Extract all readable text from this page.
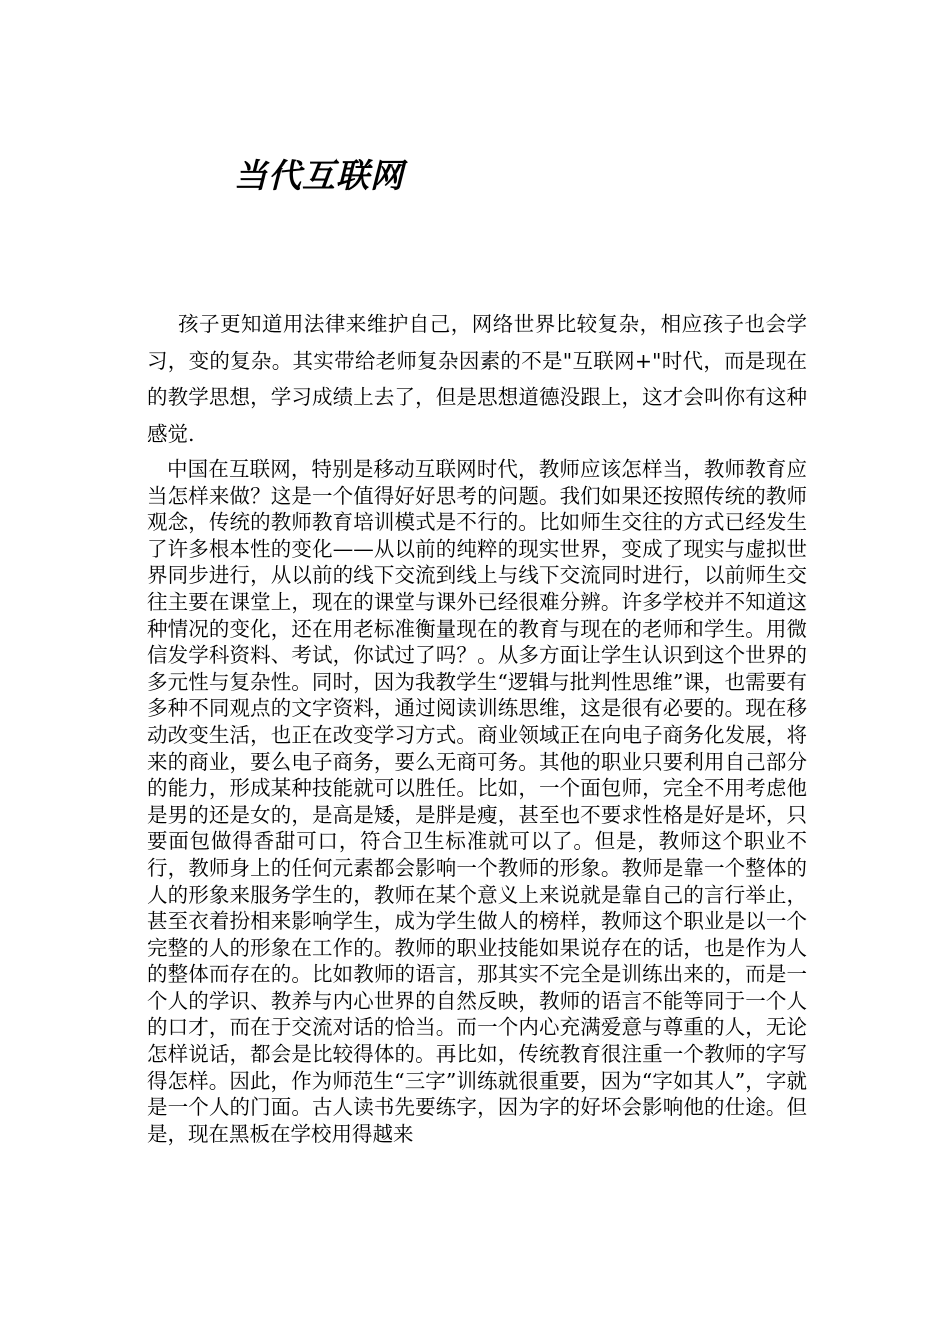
当代互联网

孩子更知道用法律来维护自己，网络世界比较复杂，相应孩子也会学习，变的复杂。其实带给老师复杂因素的不是"互联网+"时代，而是现在的教学思想，学习成绩上去了，但是思想道德没跟上，这才会叫你有这种感觉.

中国在互联网，特别是移动互联网时代，教师应该怎样当，教师教育应当怎样来做？这是一个值得好好思考的问题。我们如果还按照传统的教师观念，传统的教师教育培训模式是不行的。比如师生交往的方式已经发生了许多根本性的变化——从以前的纯粹的现实世界，变成了现实与虚拟世界同步进行，从以前的线下交流到线上与线下交流同时进行，以前师生交往主要在课堂上，现在的课堂与课外已经很难分辨。许多学校并不知道这种情况的变化，还在用老标准衡量现在的教育与现在的老师和学生。用微信发学科资料、考试，你试过了吗？。从多方面让学生认识到这个世界的多元性与复杂性。同时，因为我教学生“逻辑与批判性思维”课，也需要有多种不同观点的文字资料，通过阅读训练思维，这是很有必要的。现在移动改变生活，也正在改变学习方式。商业领域正在向电子商务化发展，将来的商业，要么电子商务，要么无商可务。其他的职业只要利用自己部分的能力，形成某种技能就可以胜任。比如，一个面包师，完全不用考虑他是男的还是女的，是高是矮，是胖是瘦，甚至也不要求性格是好是坏，只要面包做得香甜可口，符合卫生标准就可以了。但是，教师这个职业不行，教师身上的任何元素都会影响一个教师的形象。教师是靠一个整体的人的形象来服务学生的，教师在某个意义上来说就是靠自己的言行举止，甚至衣着扮相来影响学生，成为学生做人的榜样，教师这个职业是以一个完整的人的形象在工作的。教师的职业技能如果说存在的话，也是作为人的整体而存在的。比如教师的语言，那其实不完全是训练出来的，而是一个人的学识、教养与内心世界的自然反映，教师的语言不能等同于一个人的口才，而在于交流对话的恰当。而一个内心充满爱意与尊重的人，无论怎样说话，都会是比较得体的。再比如，传统教育很注重一个教师的字写得怎样。因此，作为师范生“三字”训练就很重要，因为“字如其人”，字就是一个人的门面。古人读书先要练字，因为字的好坏会影响他的仕途。但是，现在黑板在学校用得越来
